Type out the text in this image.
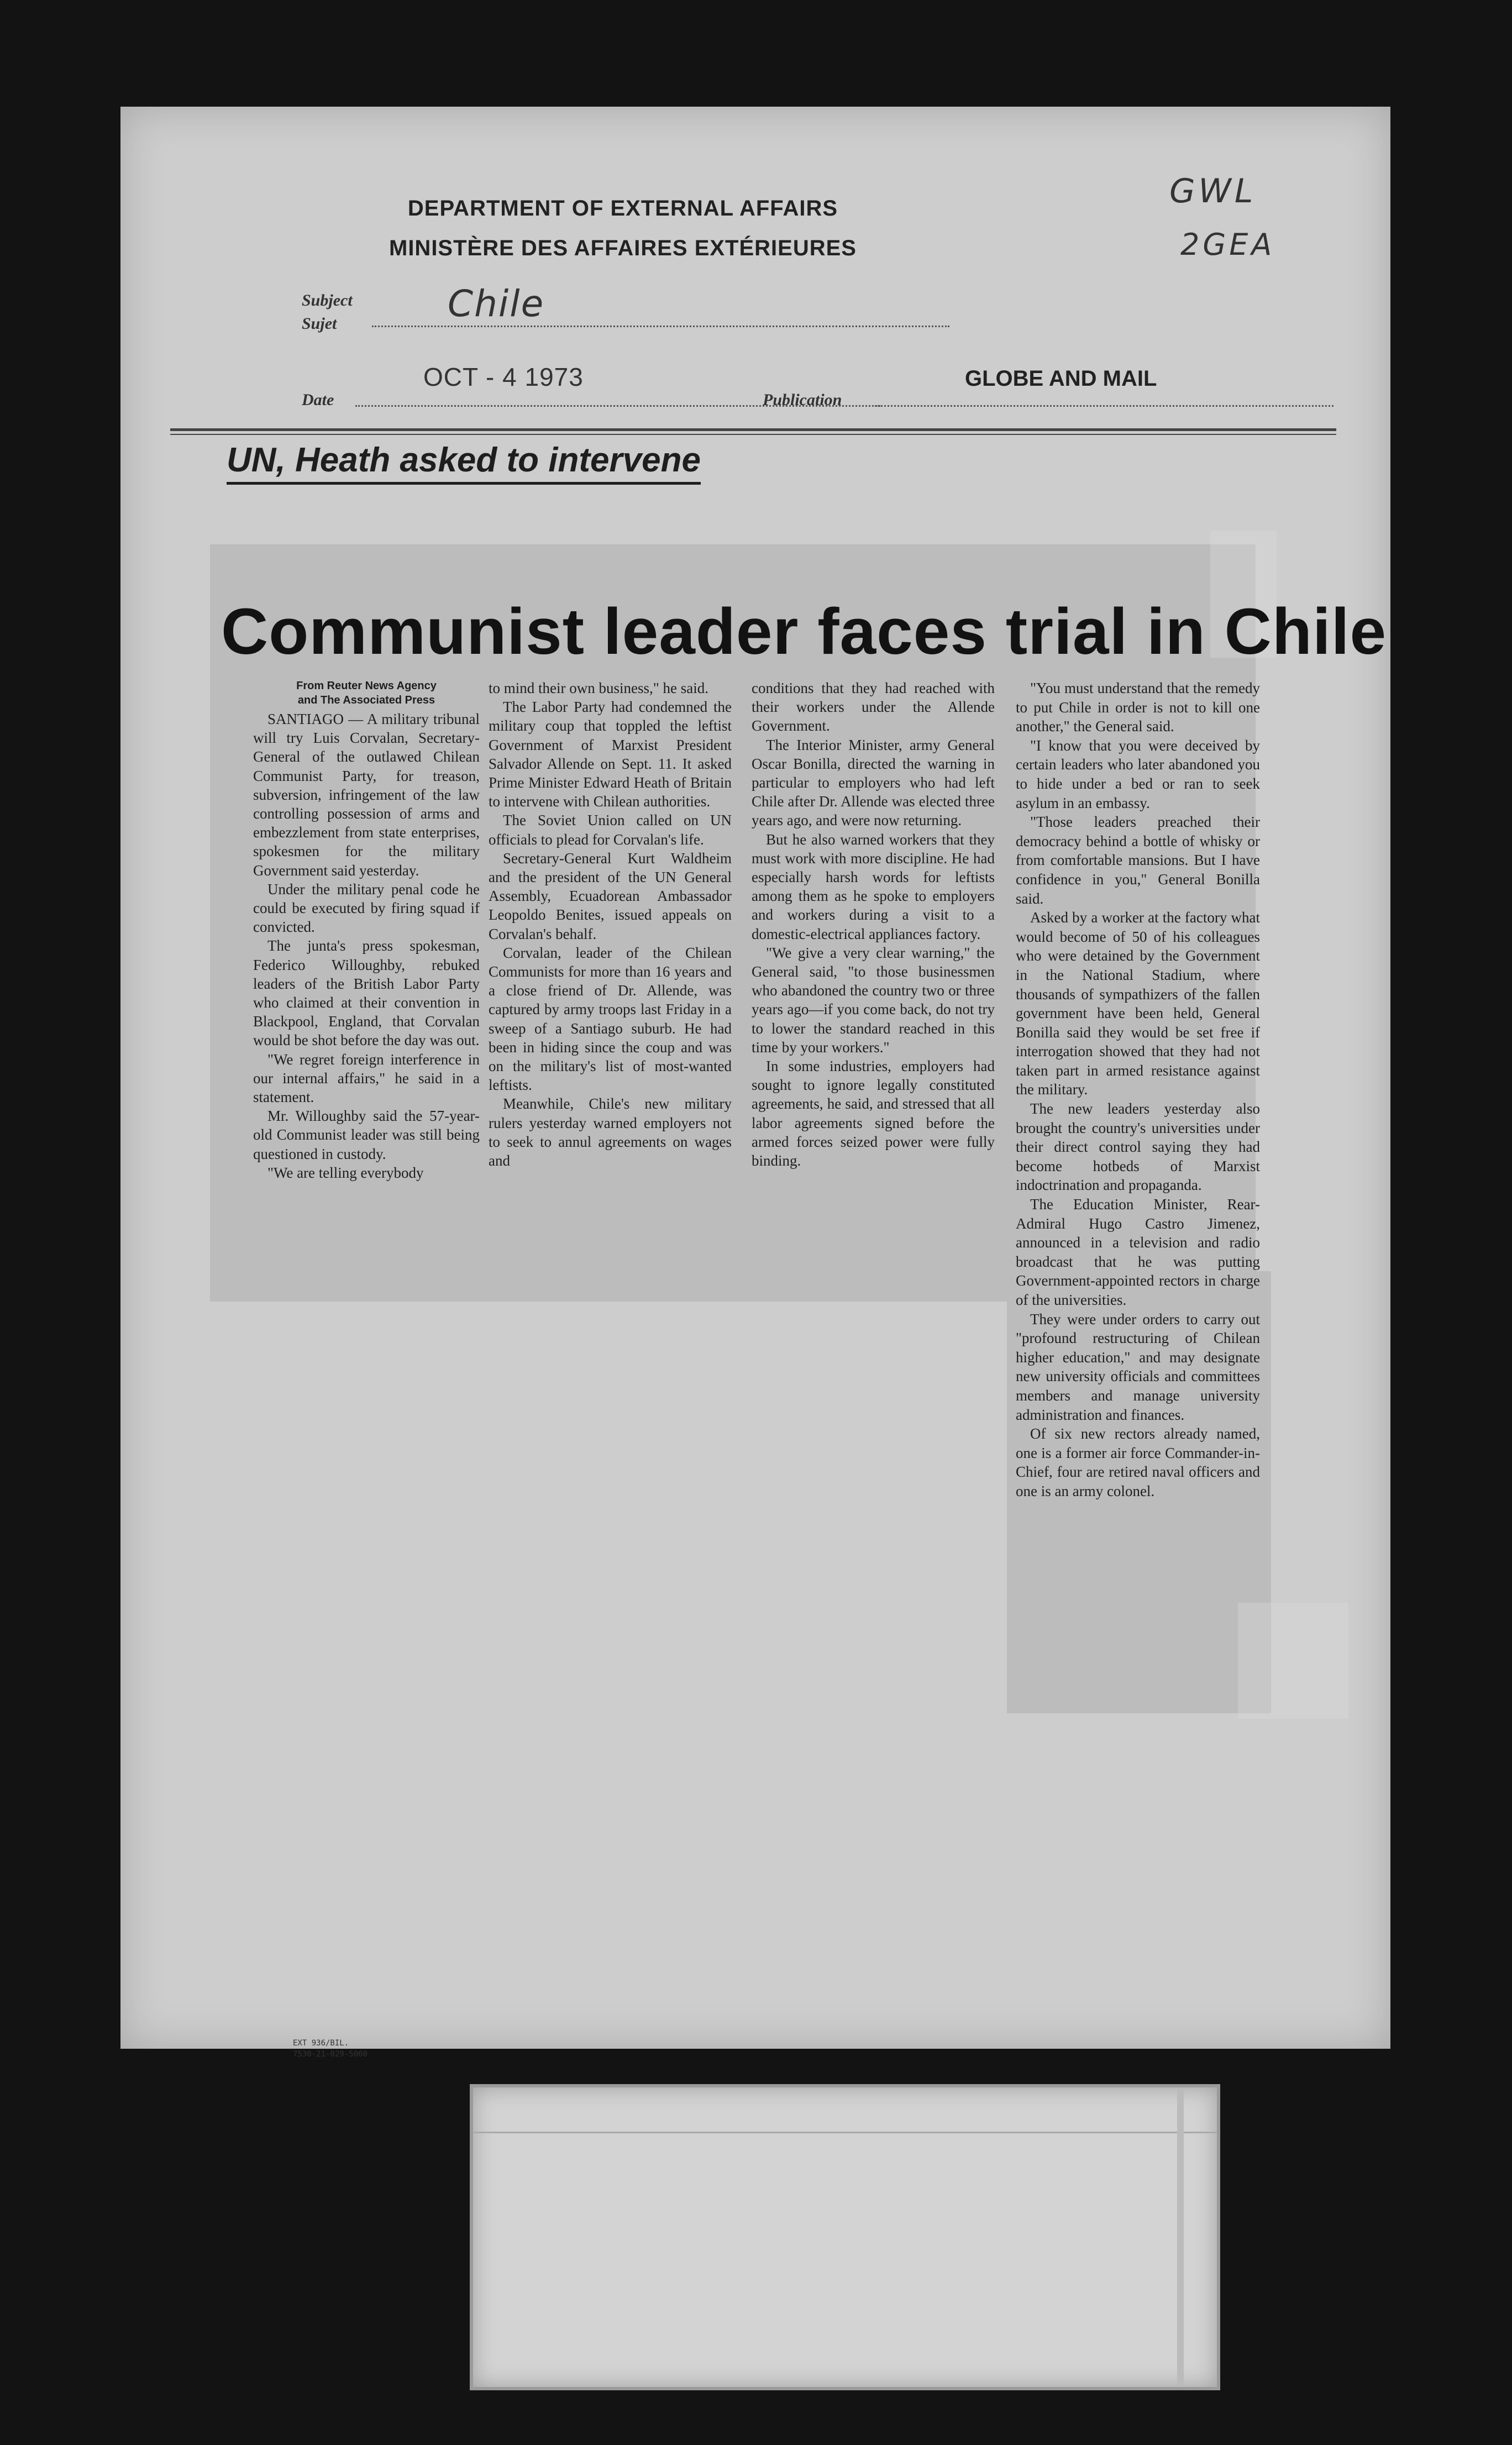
DEPARTMENT OF EXTERNAL AFFAIRS
MINISTÈRE DES AFFAIRES EXTÉRIEURES
GWL
2GEA
Subject
Sujet	Chile
OCT - 4 1973
Date	Publication
GLOBE AND MAIL
EXT 936/BIL.
7530-21-029-5060
UN, Heath asked to intervene
Communist leader faces trial in Chile
From Reuter News Agency
and The Associated Press

SANTIAGO — A military tribunal will try Luis Corvalan, Secretary-General of the outlawed Chilean Communist Party, for treason, subversion, infringement of the law controlling possession of arms and embezzlement from state enterprises, spokesmen for the military Government said yesterday.

Under the military penal code he could be executed by firing squad if convicted.

The junta's press spokesman, Federico Willoughby, rebuked leaders of the British Labor Party who claimed at their convention in Blackpool, England, that Corvalan would be shot before the day was out.

"We regret foreign interference in our internal affairs," he said in a statement.

Mr. Willoughby said the 57-year-old Communist leader was still being questioned in custody.

"We are telling everybody

to mind their own business," he said.

The Labor Party had condemned the military coup that toppled the leftist Government of Marxist President Salvador Allende on Sept. 11. It asked Prime Minister Edward Heath of Britain to intervene with Chilean authorities.

The Soviet Union called on UN officials to plead for Corvalan's life.

Secretary-General Kurt Waldheim and the president of the UN General Assembly, Ecuadorean Ambassador Leopoldo Benites, issued appeals on Corvalan's behalf.

Corvalan, leader of the Chilean Communists for more than 16 years and a close friend of Dr. Allende, was captured by army troops last Friday in a sweep of a Santiago suburb. He had been in hiding since the coup and was on the military's list of most-wanted leftists.

Meanwhile, Chile's new military rulers yesterday warned employers not to seek to annul agreements on wages and

conditions that they had reached with their workers under the Allende Government.

The Interior Minister, army General Oscar Bonilla, directed the warning in particular to employers who had left Chile after Dr. Allende was elected three years ago, and were now returning.

But he also warned workers that they must work with more discipline. He had especially harsh words for leftists among them as he spoke to employers and workers during a visit to a domestic-electrical appliances factory.

"We give a very clear warning," the General said, "to those businessmen who abandoned the country two or three years ago—if you come back, do not try to lower the standard reached in this time by your workers."

In some industries, employers had sought to ignore legally constituted agreements, he said, and stressed that all labor agreements signed before the armed forces seized power were fully binding.

"You must understand that the remedy to put Chile in order is not to kill one another," the General said.

"I know that you were deceived by certain leaders who later abandoned you to hide under a bed or ran to seek asylum in an embassy.

"Those leaders preached their democracy behind a bottle of whisky or from comfortable mansions. But I have confidence in you," General Bonilla said.

Asked by a worker at the factory what would become of 50 of his colleagues who were detained by the Government in the National Stadium, where thousands of sympathizers of the fallen government have been held, General Bonilla said they would be set free if interrogation showed that they had not taken part in armed resistance against the military.

The new leaders yesterday also brought the country's universities under their direct control saying they had become hotbeds of Marxist indoctrination and propaganda.

The Education Minister, Rear-Admiral Hugo Castro Jimenez, announced in a television and radio broadcast that he was putting Government-appointed rectors in charge of the universities.

They were under orders to carry out "profound restructuring of Chilean higher education," and may designate new university officials and committees members and manage university administration and finances.

Of six new rectors already named, one is a former air force Commander-in-Chief, four are retired naval officers and one is an army colonel.
